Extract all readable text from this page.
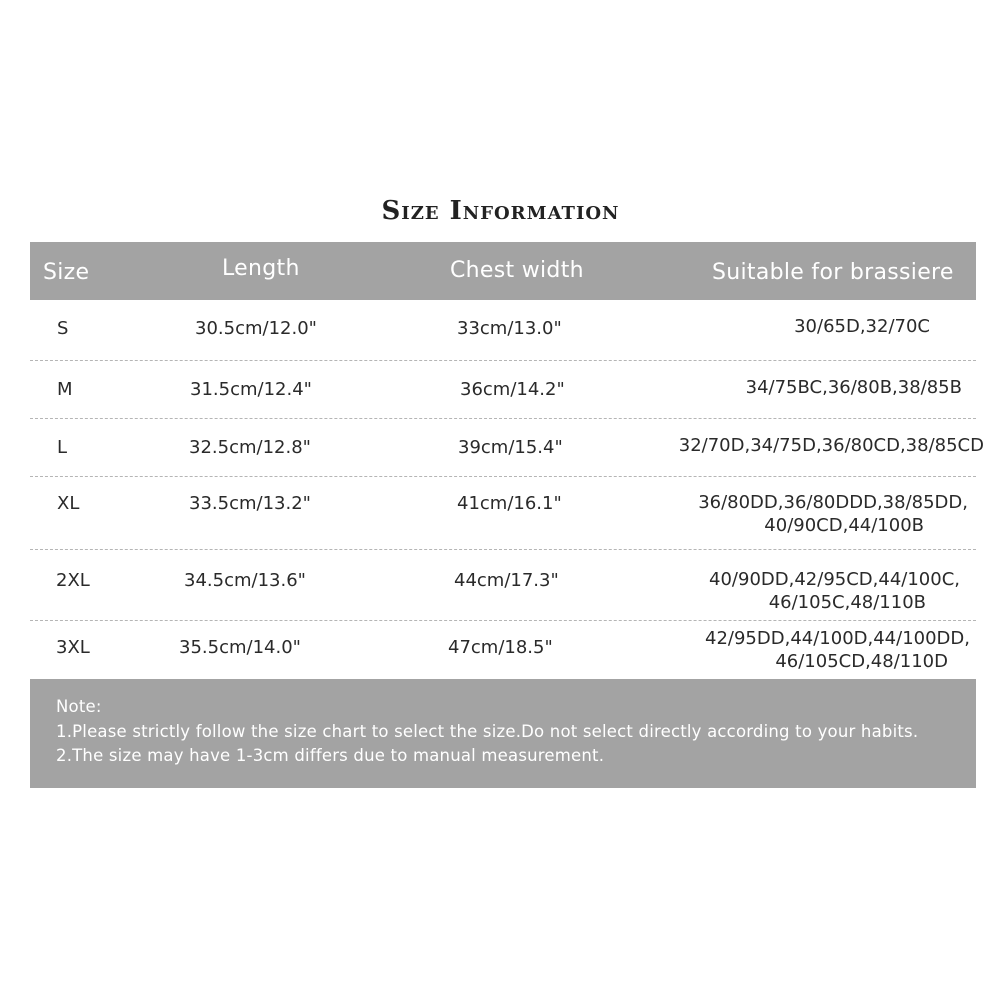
Size Information
Size	Length	Chest width	Suitable for brassiere
S	30.5cm/12.0"	33cm/13.0"	30/65D,32/70C
M	31.5cm/12.4"	36cm/14.2"	34/75BC,36/80B,38/85B
L	32.5cm/12.8"	39cm/15.4"	32/70D,34/75D,36/80CD,38/85CD
XL	33.5cm/13.2"	41cm/16.1"	36/80DD,36/80DDD,38/85DD,
40/90CD,44/100B
2XL	34.5cm/13.6"	44cm/17.3"	40/90DD,42/95CD,44/100C,
46/105C,48/110B
3XL	35.5cm/14.0"	47cm/18.5"	42/95DD,44/100D,44/100DD,
46/105CD,48/110D
Note:
1.Please strictly follow the size chart to select the size.Do not select directly according to your habits.
2.The size may have 1-3cm differs due to manual measurement.
